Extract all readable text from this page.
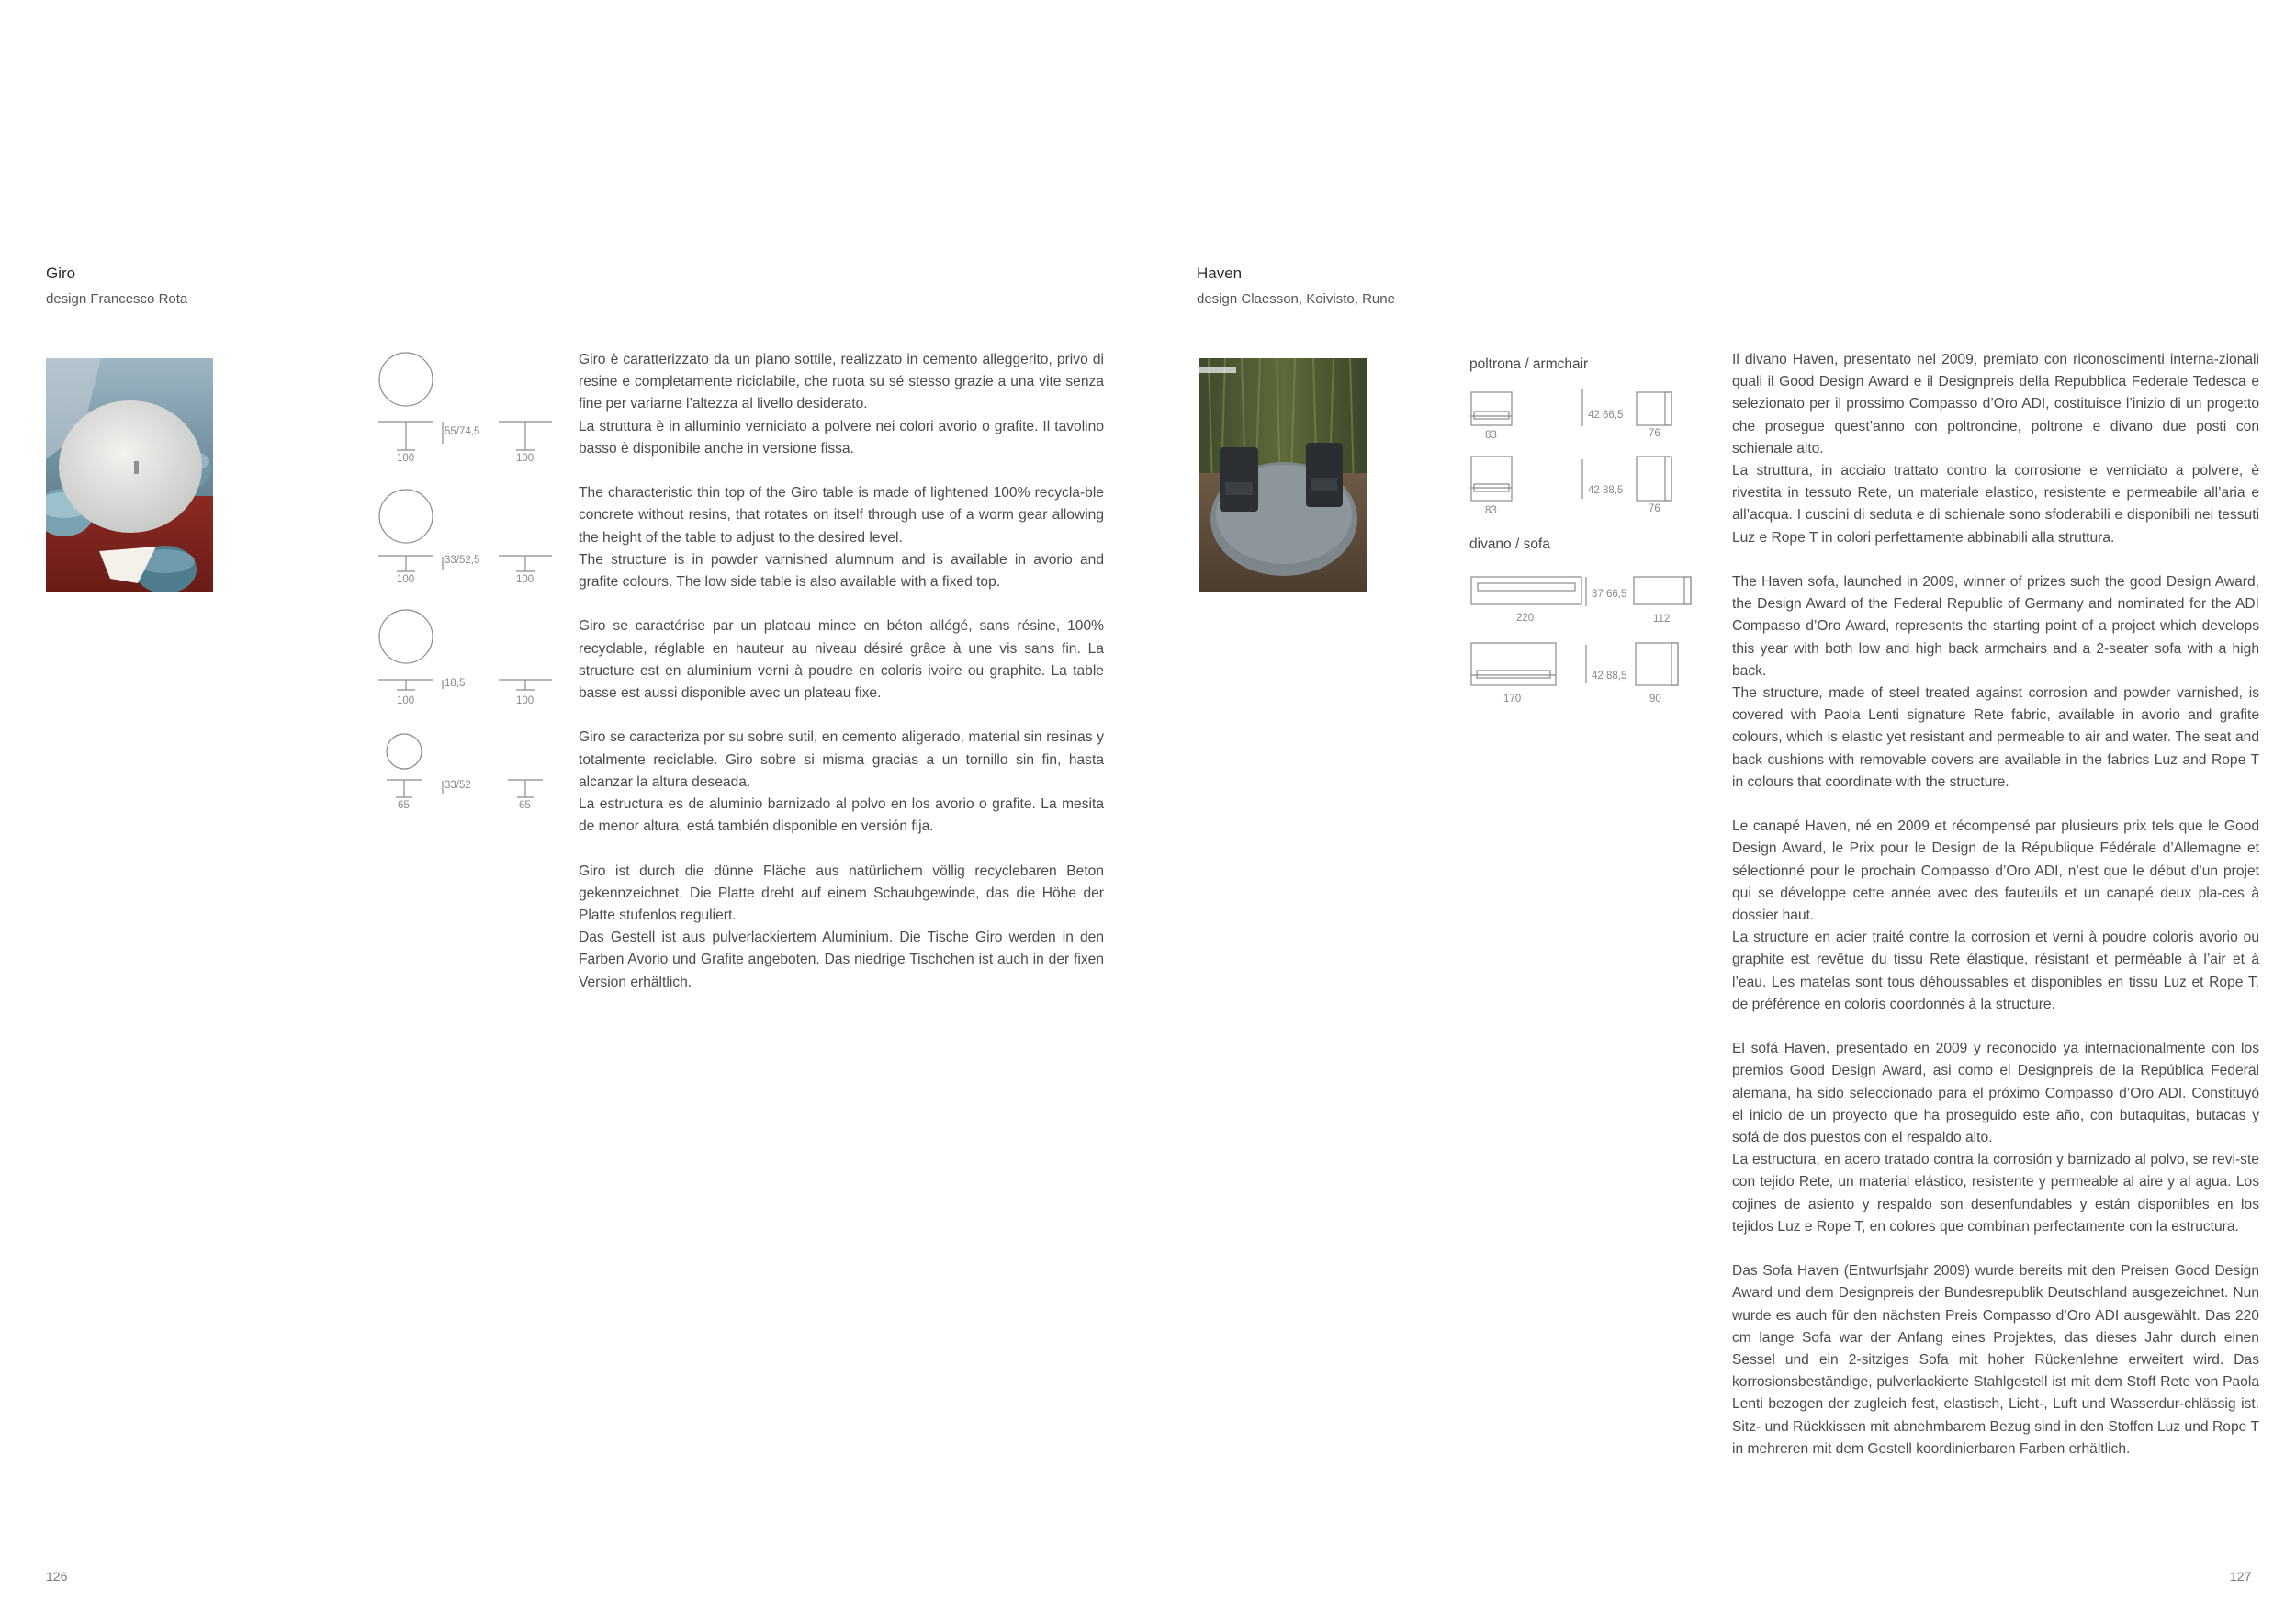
Giro
design Francesco Rota
55/74,5
100	100
33/52,5
100	100
18,5
100	100
33/52
65	65

Giro è caratterizzato da un piano sottile, realizzato in cemento alleggerito, privo di resine e completamente riciclabile, che ruota su sé stesso grazie a una vite senza fine per variarne l’altezza al livello desiderato.
La struttura è in alluminio verniciato a polvere nei colori avorio o grafite. Il tavolino basso è disponibile anche in versione fissa.

The characteristic thin top of the Giro table is made of lightened 100% recycla-ble concrete without resins, that rotates on itself through use of a worm gear allowing the height of the table to adjust to the desired level.
The structure is in powder varnished alumnum and is available in avorio and grafite colours. The low side table is also available with a fixed top.

Giro se caractérise par un plateau mince en béton allégé, sans résine, 100% recyclable, réglable en hauteur au niveau désiré grâce à une vis sans fin. La structure est en aluminium verni à poudre en coloris ivoire ou graphite. La table basse est aussi disponible avec un plateau fixe.

Giro se caracteriza por su sobre sutil, en cemento aligerado, material sin resinas y totalmente reciclable. Giro sobre si misma gracias a un tornillo sin fin, hasta alcanzar la altura deseada.
La estructura es de aluminio barnizado al polvo en los avorio o grafite. La mesita de menor altura, está también disponible en versión fija.

Giro ist durch die dünne Fläche aus natürlichem völlig recyclebaren Beton gekennzeichnet. Die Platte dreht auf einem Schaubgewinde, das die Höhe der Platte stufenlos reguliert.
Das Gestell ist aus pulverlackiertem Aluminium. Die Tische Giro werden in den Farben Avorio und Grafite angeboten. Das niedrige Tischchen ist auch in der fixen Version erhältlich.

126
Haven
design Claesson, Koivisto, Rune
poltrona / armchair
divano / sofa
83
42 66,5
76
83
42 88,5
76
220
37 66,5
112
170
42 88,5
90

Il divano Haven, presentato nel 2009, premiato con riconoscimenti interna-zionali quali il Good Design Award e il Designpreis della Repubblica Federale Tedesca e selezionato per il prossimo Compasso d’Oro ADI, costituisce l’inizio di un progetto che prosegue quest’anno con poltroncine, poltrone e divano due posti con schienale alto.
La struttura, in acciaio trattato contro la corrosione e verniciato a polvere, è rivestita in tessuto Rete, un materiale elastico, resistente e permeabile all’aria e all’acqua. I cuscini di seduta e di schienale sono sfoderabili e disponibili nei tessuti Luz e Rope T in colori perfettamente abbinabili alla struttura.

The Haven sofa, launched in 2009, winner of prizes such the good Design Award, the Design Award of the Federal Republic of Germany and nominated for the ADI Compasso d’Oro Award, represents the starting point of a project which develops this year with both low and high back armchairs and a 2-seater sofa with a high back.
The structure, made of steel treated against corrosion and powder varnished, is covered with Paola Lenti signature Rete fabric, available in avorio and grafite colours, which is elastic yet resistant and permeable to air and water. The seat and back cushions with removable covers are available in the fabrics Luz and Rope T in colours that coordinate with the structure.

Le canapé Haven, né en 2009 et récompensé par plusieurs prix tels que le Good Design Award, le Prix pour le Design de la République Fédérale d’Allemagne et sélectionné pour le prochain Compasso d’Oro ADI, n’est que le début d’un projet qui se développe cette année avec des fauteuils et un canapé deux pla-ces à dossier haut.
La structure en acier traité contre la corrosion et verni à poudre coloris avorio ou graphite est revêtue du tissu Rete élastique, résistant et perméable à l’air et à l’eau. Les matelas sont tous déhoussables et disponibles en tissu Luz et Rope T, de préférence en coloris coordonnés à la structure.

El sofá Haven, presentado en 2009 y reconocido ya internacionalmente con los premios Good Design Award, asi como el Designpreis de la República Federal alemana, ha sido seleccionado para el próximo Compasso d’Oro ADI. Constituyó el inicio de un proyecto que ha proseguido este año, con butaquitas, butacas y sofá de dos puestos con el respaldo alto.
La estructura, en acero tratado contra la corrosión y barnizado al polvo, se revi-ste con tejido Rete, un material elástico, resistente y permeable al aire y al agua. Los cojines de asiento y respaldo son desenfundables y están disponibles en los tejidos Luz e Rope T, en colores que combinan perfectamente con la estructura.

Das Sofa Haven (Entwurfsjahr 2009) wurde bereits mit den Preisen Good Design Award und dem Designpreis der Bundesrepublik Deutschland ausgezeichnet. Nun wurde es auch für den nächsten Preis Compasso d’Oro ADI ausgewählt. Das 220 cm lange Sofa war der Anfang eines Projektes, das dieses Jahr durch einen Sessel und ein 2-sitziges Sofa mit hoher Rückenlehne erweitert wird. Das korrosionsbeständige, pulverlackierte Stahlgestell ist mit dem Stoff Rete von Paola Lenti bezogen der zugleich fest, elastisch, Licht-, Luft und Wasserdur-chlässig ist. Sitz- und Rückkissen mit abnehmbarem Bezug sind in den Stoffen Luz und Rope T in mehreren mit dem Gestell koordinierbaren Farben erhältlich.

127
